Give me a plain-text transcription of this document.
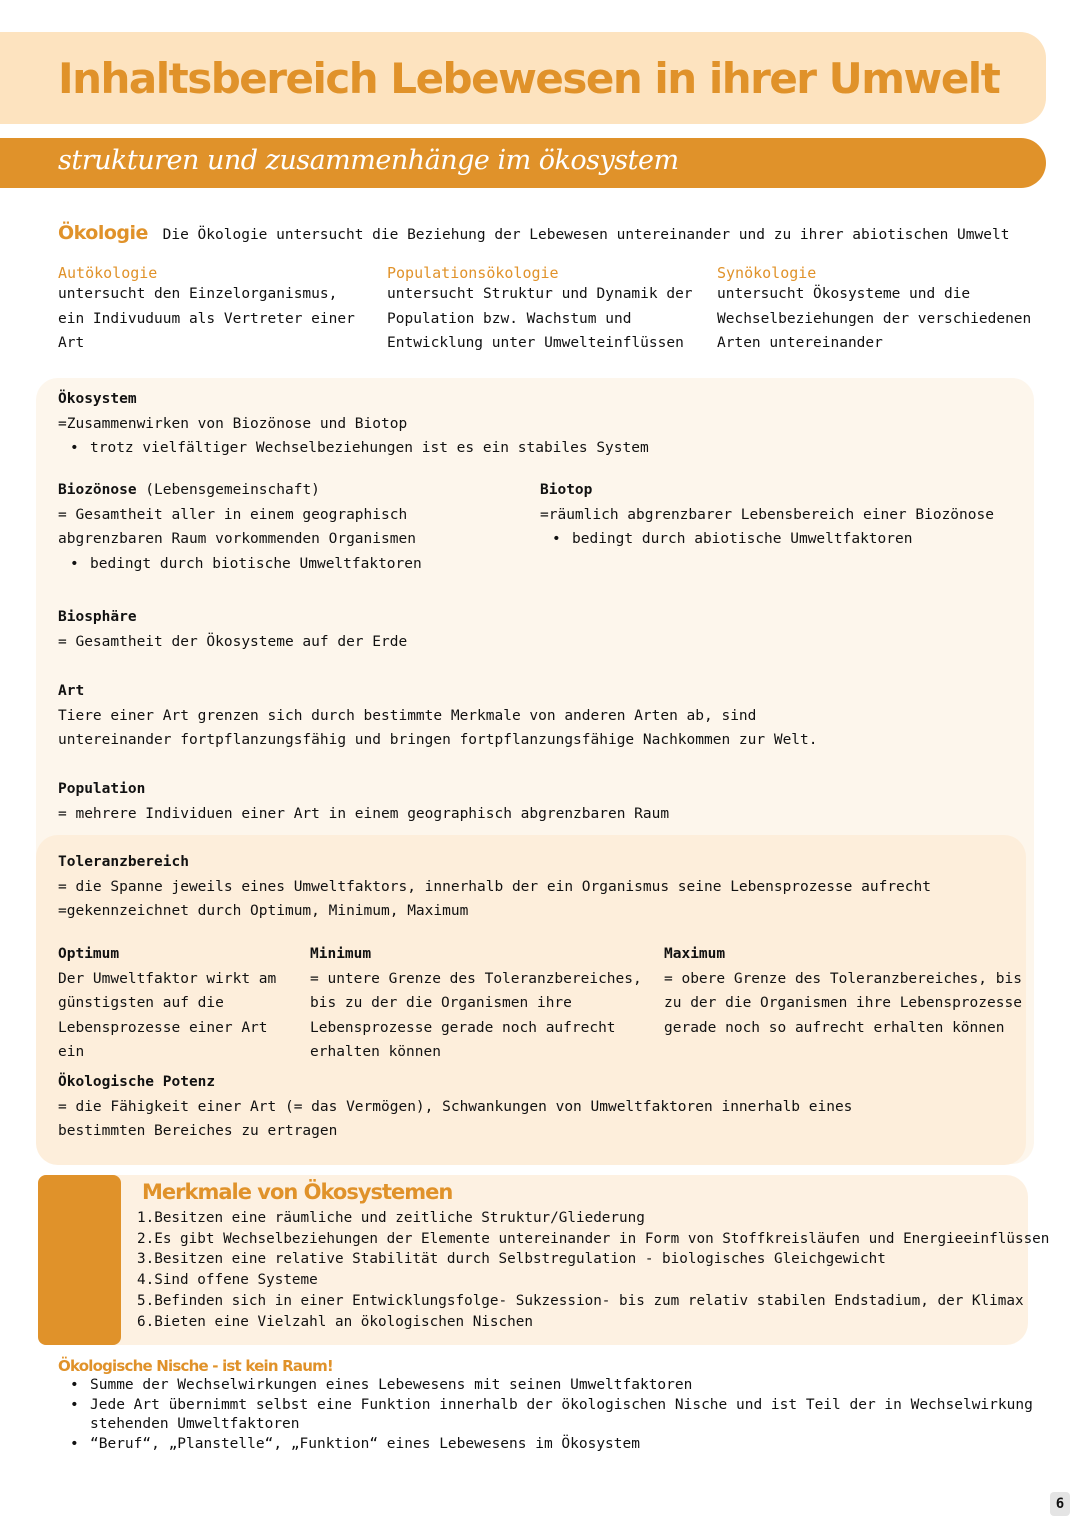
Inhaltsbereich Lebewesen in ihrer Umwelt
strukturen und zusammenhänge im ökosystem
Ökologie Die Ökologie untersucht die Beziehung der Lebewesen untereinander und zu ihrer abiotischen Umwelt
Autökologie

untersucht den Einzelorganismus, ein Indivuduum als Vertreter einer Art

Populationsökologie

untersucht Struktur und Dynamik der Population bzw. Wachstum und Entwicklung unter Umwelteinflüssen

Synökologie

untersucht Ökosysteme und die Wechselbeziehungen der verschiedenen Arten untereinander

Ökosystem

=Zusammenwirken von Biozönose und Biotop

• trotz vielfältiger Wechselbeziehungen ist es ein stabiles System

Biozönose (Lebensgemeinschaft)

= Gesamtheit aller in einem geographisch abgrenzbaren Raum vorkommenden Organismen

• bedingt durch biotische Umweltfaktoren
Biotop

=räumlich abgrenzbarer Lebensbereich einer Biozönose

• bedingt durch abiotische Umweltfaktoren
Biosphäre

= Gesamtheit der Ökosysteme auf der Erde

Art

Tiere einer Art grenzen sich durch bestimmte Merkmale von anderen Arten ab, sind untereinander fortpflanzungsfähig und bringen fortpflanzungsfähige Nachkommen zur Welt.

Population

= mehrere Individuen einer Art in einem geographisch abgrenzbaren Raum

Toleranzbereich

= die Spanne jeweils eines Umweltfaktors, innerhalb der ein Organismus seine Lebensprozesse aufrecht

=gekennzeichnet durch Optimum, Minimum, Maximum

Optimum

Der Umweltfaktor wirkt am günstigsten auf die Lebensprozesse einer Art ein

Minimum

= untere Grenze des Toleranzbereiches, bis zu der die Organismen ihre Lebensprozesse gerade noch aufrecht erhalten können

Maximum

= obere Grenze des Toleranzbereiches, bis zu der die Organismen ihre Lebensprozesse gerade noch so aufrecht erhalten können

Ökologische Potenz

= die Fähigkeit einer Art (= das Vermögen), Schwankungen von Umweltfaktoren innerhalb eines bestimmten Bereiches zu ertragen

Merkmale von Ökosystemen

1.Besitzen eine räumliche und zeitliche Struktur/Gliederung

2.Es gibt Wechselbeziehungen der Elemente untereinander in Form von Stoffkreisläufen und Energieeinflüssen

3.Besitzen eine relative Stabilität durch Selbstregulation - biologisches Gleichgewicht

4.Sind offene Systeme

5.Befinden sich in einer Entwicklungsfolge- Sukzession- bis zum relativ stabilen Endstadium, der Klimax

6.Bieten eine Vielzahl an ökologischen Nischen

Ökologische Nische - ist kein Raum!
• Summe der Wechselwirkungen eines Lebewesens mit seinen Umweltfaktoren
• Jede Art übernimmt selbst eine Funktion innerhalb der ökologischen Nische und ist Teil der in Wechselwirkung stehenden Umweltfaktoren
• “Beruf“, „Planstelle“, „Funktion“ eines Lebewesens im Ökosystem
6
